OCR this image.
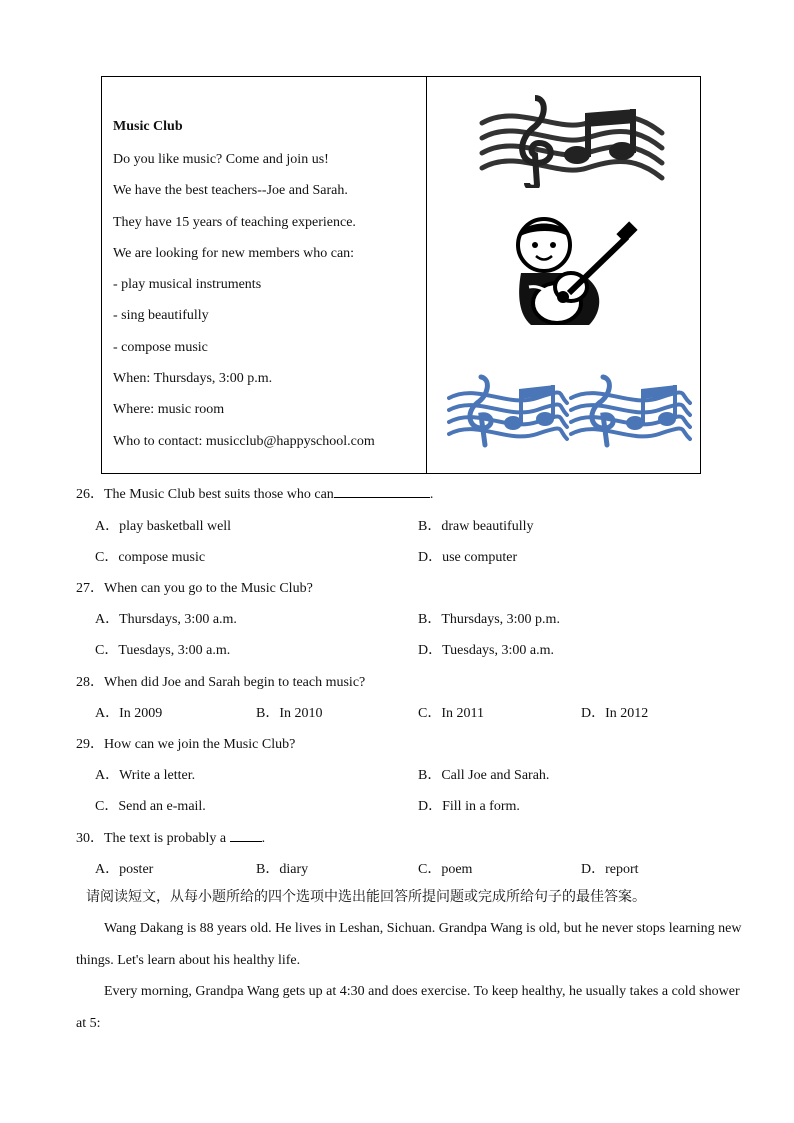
Music Club
Do you like music? Come and join us!
We have the best teachers--Joe and Sarah.
They have 15 years of teaching experience.
We are looking for new members who can:
- play musical instruments
- sing beautifully
- compose music
When: Thursdays, 3:00 p.m.
Where: music room
Who to contact: musicclub@happyschool.com
26．The Music Club best suits those who can	.
A．play basketball well	B．draw beautifully
C．compose music	D．use computer
27．When can you go to the Music Club?
A．Thursdays, 3:00 a.m.	B．Thursdays, 3:00 p.m.
C．Tuesdays, 3:00 a.m.	D．Tuesdays, 3:00 a.m.
28．When did Joe and Sarah begin to teach music?
A．In 2009	B．In 2010	C．In 2011	D．In 2012
29．How can we join the Music Club?
A．Write a letter.	B．Call Joe and Sarah.
C．Send an e-mail.	D．Fill in a form.
30．The text is probably a	.
A．poster	B．diary	C．poem	D．report
请阅读短文，从每小题所给的四个选项中选出能回答所提问题或完成所给句子的最佳答案。
Wang Dakang is 88 years old. He lives in Leshan, Sichuan. Grandpa Wang is old, but he never stops learning new things. Let's learn about his healthy life.
Every morning, Grandpa Wang gets up at 4:30 and does exercise. To keep healthy, he usually takes a cold shower at 5:
